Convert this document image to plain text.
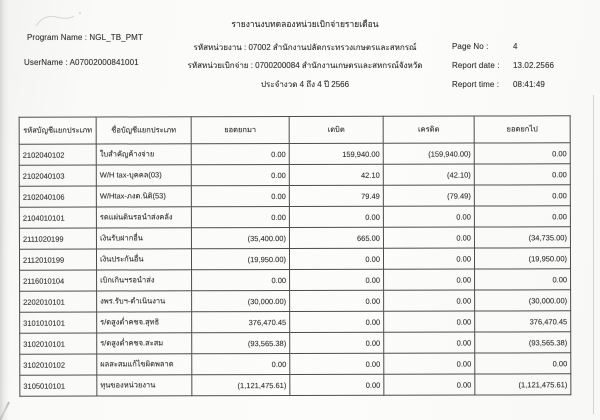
Program Name : NGL_TB_PMT
UserName : A07002000841001
รายงานงบทดลองหน่วยเบิกจ่ายรายเดือน
รหัสหน่วยงาน : 07002 สำนักงานปลัดกระทรวงเกษตรและสหกรณ์
รหัสหน่วยเบิกจ่าย : 0700200084 สำนักงานเกษตรและสหกรณ์จังหวัด
ประจำงวด 4 ถึง 4 ปี 2566
Page No :	4
Report date : 13.02.2566
Report time : 08:41:49
รหัสบัญชีแยกประเภท	ชื่อบัญชีแยกประเภท	ยอดยกมา	เดบิต	เครดิต	ยอดยกไป
2102040102	ใบสำคัญค้างจ่าย	0.00	159,940.00	(159,940.00)	0.00
2102040103	W/H tax-บุคคล(03)	0.00	42.10	(42.10)	0.00
2102040106	W/Htax-ภงด.นิติ(53)	0.00	79.49	(79.49)	0.00
2104010101	รดแผ่นดินรอนำส่งคลัง	0.00	0.00	0.00	0.00
2111020199	เงินรับฝากอื่น	(35,400.00)	665.00	0.00	(34,735.00)
2112010199	เงินประกันอื่น	(19,950.00)	0.00	0.00	(19,950.00)
2116010104	เบิกเกินฯรอนำส่ง	0.00	0.00	0.00	0.00
2202010101	งพร.รับฯ-ดำเนินงาน	(30,000.00)	0.00	0.00	(30,000.00)
3101010101	ร/ดสูงต่ำคชจ.สุทธิ	376,470.45	0.00	0.00	376,470.45
3102010101	ร/ดสูงต่ำคชจ.สะสม	(93,565.38)	0.00	0.00	(93,565.38)
3102010102	ผลสะสมแก้ไขผิดพลาด	0.00	0.00	0.00	0.00
3105010101	ทุนของหน่วยงาน	(1,121,475.61)	0.00	0.00	(1,121,475.61)
